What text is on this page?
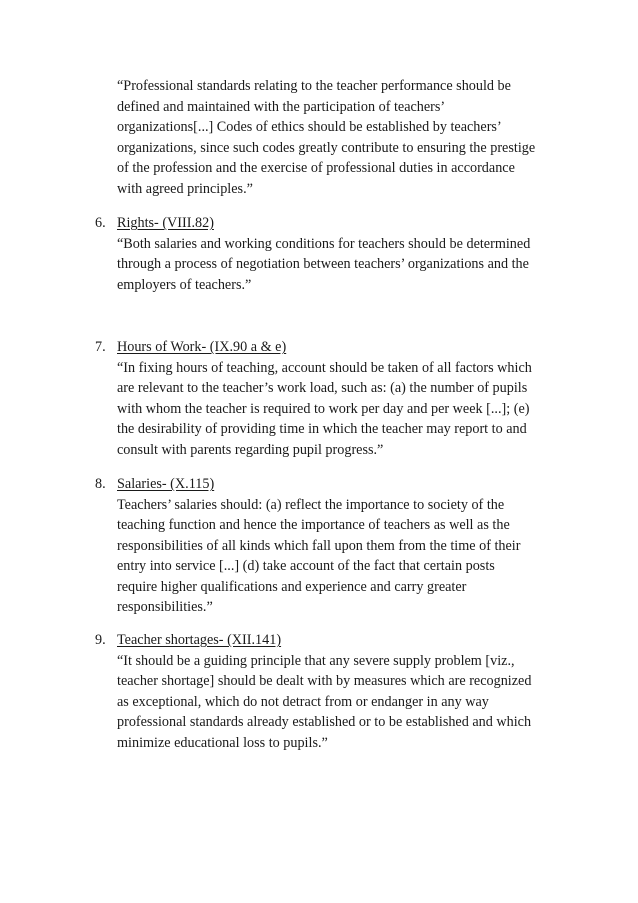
“Professional standards relating to the teacher performance should be
defined and maintained with the participation of teachers’
organizations[...] Codes of ethics should be established by teachers’
organizations, since such codes greatly contribute to ensuring the prestige
of the profession and the exercise of professional duties in accordance
with agreed principles.”

6. Rights- (VIII.82)
“Both salaries and working conditions for teachers should be determined
through a process of negotiation between teachers’ organizations and the
employers of teachers.”
7. Hours of Work- (IX.90 a & e)
“In fixing hours of teaching, account should be taken of all factors which
are relevant to the teacher’s work load, such as: (a) the number of pupils
with whom the teacher is required to work per day and per week [...]; (e)
the desirability of providing time in which the teacher may report to and
consult with parents regarding pupil progress.”
8. Salaries- (X.115)
Teachers’ salaries should: (a) reflect the importance to society of the
teaching function and hence the importance of teachers as well as the
responsibilities of all kinds which fall upon them from the time of their
entry into service [...] (d) take account of the fact that certain posts
require higher qualifications and experience and carry greater
responsibilities.”
9. Teacher shortages- (XII.141)
“It should be a guiding principle that any severe supply problem [viz.,
teacher shortage] should be dealt with by measures which are recognized
as exceptional, which do not detract from or endanger in any way
professional standards already established or to be established and which
minimize educational loss to pupils.”
